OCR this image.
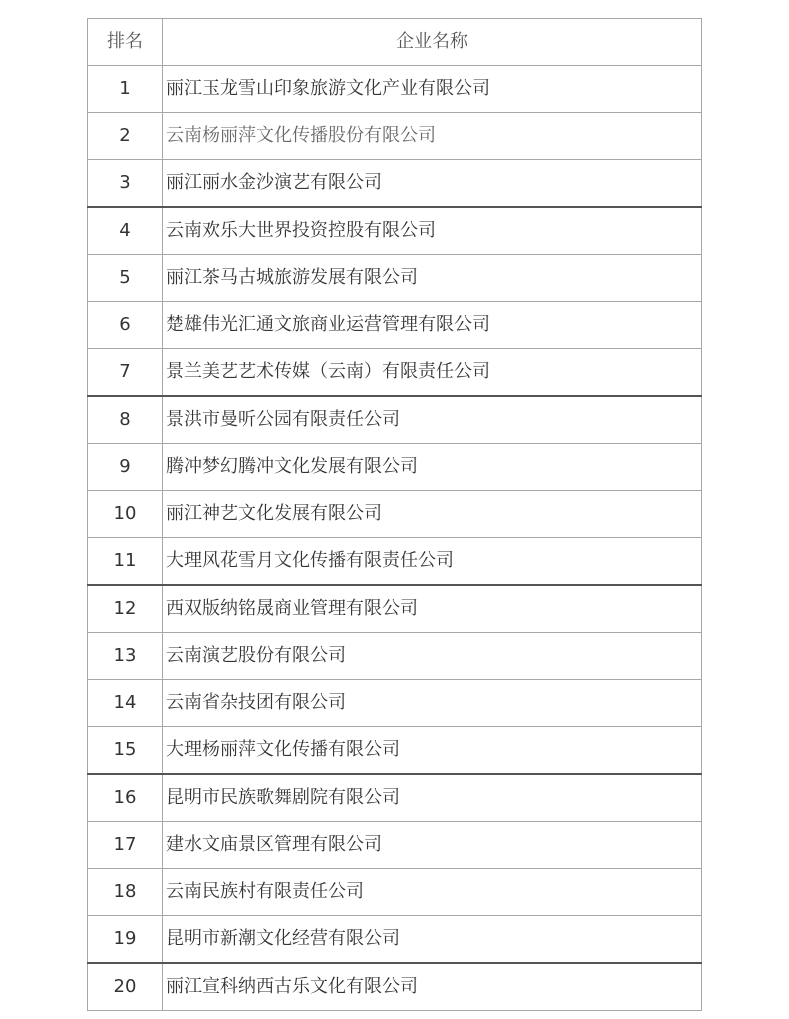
排名	企业名称
1	丽江玉龙雪山印象旅游文化产业有限公司
2	云南杨丽萍文化传播股份有限公司
3	丽江丽水金沙演艺有限公司
4	云南欢乐大世界投资控股有限公司
5	丽江茶马古城旅游发展有限公司
6	楚雄伟光汇通文旅商业运营管理有限公司
7	景兰美艺艺术传媒（云南）有限责任公司
8	景洪市曼听公园有限责任公司
9	腾冲梦幻腾冲文化发展有限公司
10	丽江神艺文化发展有限公司
11	大理风花雪月文化传播有限责任公司
12	西双版纳铭晟商业管理有限公司
13	云南演艺股份有限公司
14	云南省杂技团有限公司
15	大理杨丽萍文化传播有限公司
16	昆明市民族歌舞剧院有限公司
17	建水文庙景区管理有限公司
18	云南民族村有限责任公司
19	昆明市新潮文化经营有限公司
20	丽江宣科纳西古乐文化有限公司
